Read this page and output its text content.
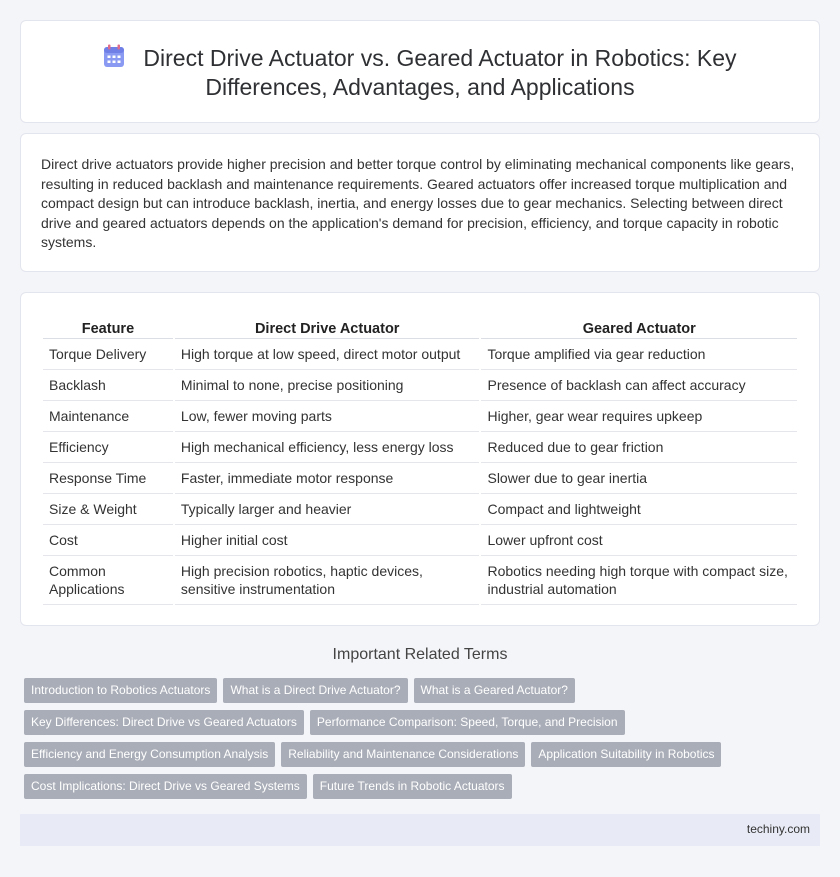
Direct Drive Actuator vs. Geared Actuator in Robotics: Key Differences, Advantages, and Applications

Direct drive actuators provide higher precision and better torque control by eliminating mechanical components like gears, resulting in reduced backlash and maintenance requirements. Geared actuators offer increased torque multiplication and compact design but can introduce backlash, inertia, and energy losses due to gear mechanics. Selecting between direct drive and geared actuators depends on the application's demand for precision, efficiency, and torque capacity in robotic systems.

Feature	Direct Drive Actuator	Geared Actuator
Torque Delivery	High torque at low speed, direct motor output	Torque amplified via gear reduction
Backlash	Minimal to none, precise positioning	Presence of backlash can affect accuracy
Maintenance	Low, fewer moving parts	Higher, gear wear requires upkeep
Efficiency	High mechanical efficiency, less energy loss	Reduced due to gear friction
Response Time	Faster, immediate motor response	Slower due to gear inertia
Size & Weight	Typically larger and heavier	Compact and lightweight
Cost	Higher initial cost	Lower upfront cost
Common Applications	High precision robotics, haptic devices, sensitive instrumentation	Robotics needing high torque with compact size, industrial automation
Important Related Terms
Introduction to Robotics Actuators	What is a Direct Drive Actuator?	What is a Geared Actuator?
Key Differences: Direct Drive vs Geared Actuators	Performance Comparison: Speed, Torque, and Precision
Efficiency and Energy Consumption Analysis	Reliability and Maintenance Considerations	Application Suitability in Robotics
Cost Implications: Direct Drive vs Geared Systems	Future Trends in Robotic Actuators
techiny.com
